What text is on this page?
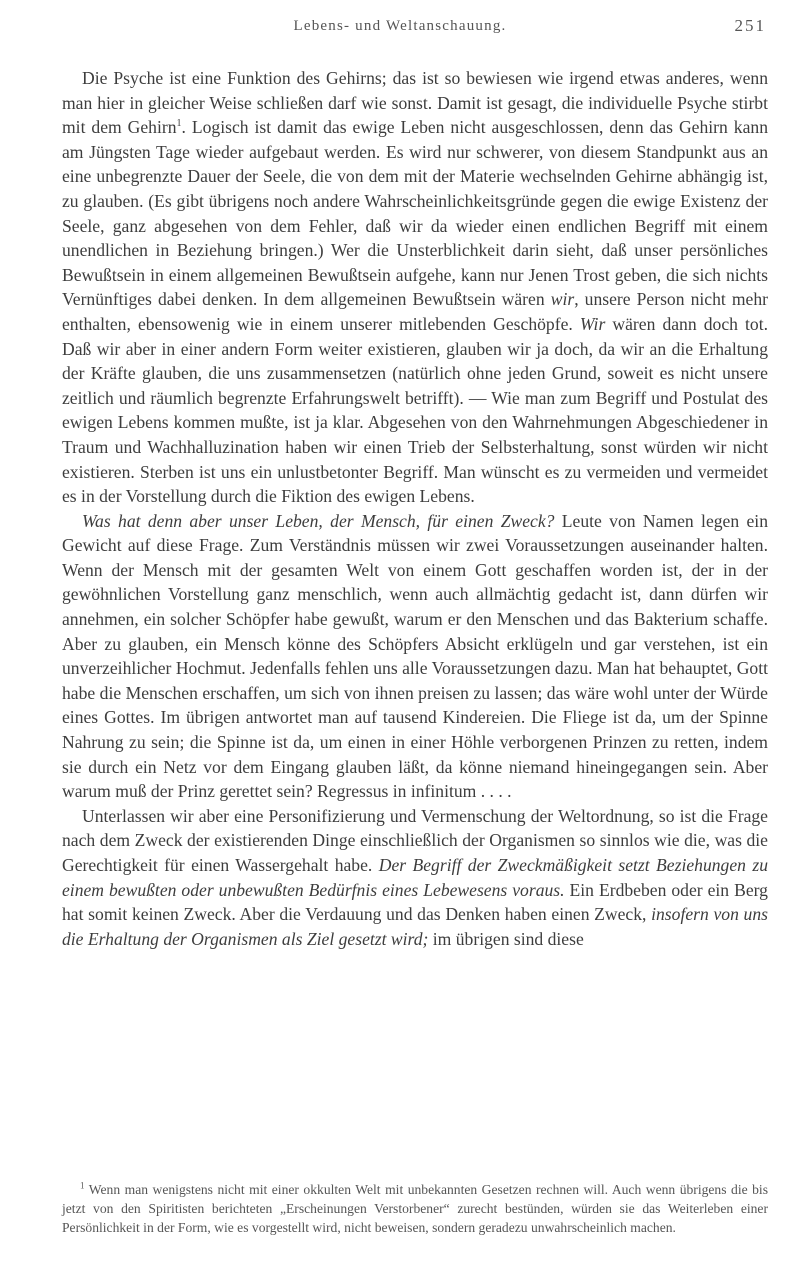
Lebens- und Weltanschauung.	251

Die Psyche ist eine Funktion des Gehirns; das ist so bewiesen wie irgend etwas anderes, wenn man hier in gleicher Weise schließen darf wie sonst. Damit ist gesagt, die individuelle Psyche stirbt mit dem Gehirn$^1$. Logisch ist damit das ewige Leben nicht ausgeschlossen, denn das Gehirn kann am Jüngsten Tage wieder aufgebaut werden. Es wird nur schwerer, von diesem Standpunkt aus an eine unbegrenzte Dauer der Seele, die von dem mit der Materie wechselnden Gehirne abhängig ist, zu glauben. (Es gibt übrigens noch andere Wahrscheinlichkeitsgründe gegen die ewige Existenz der Seele, ganz abgesehen von dem Fehler, daß wir da wieder einen endlichen Begriff mit einem unendlichen in Beziehung bringen.) Wer die Unsterblichkeit darin sieht, daß unser persönliches Bewußtsein in einem allgemeinen Bewußtsein aufgehe, kann nur Jenen Trost geben, die sich nichts Vernünftiges dabei denken. In dem allgemeinen Bewußtsein wären wir, unsere Person nicht mehr enthalten, ebensowenig wie in einem unserer mitlebenden Geschöpfe. Wir wären dann doch tot. Daß wir aber in einer andern Form weiter existieren, glauben wir ja doch, da wir an die Erhaltung der Kräfte glauben, die uns zusammensetzen (natürlich ohne jeden Grund, soweit es nicht unsere zeitlich und räumlich begrenzte Erfahrungswelt betrifft). — Wie man zum Begriff und Postulat des ewigen Lebens kommen mußte, ist ja klar. Abgesehen von den Wahrnehmungen Abgeschiedener in Traum und Wachhalluzination haben wir einen Trieb der Selbsterhaltung, sonst würden wir nicht existieren. Sterben ist uns ein unlustbetonter Begriff. Man wünscht es zu vermeiden und vermeidet es in der Vorstellung durch die Fiktion des ewigen Lebens.

Was hat denn aber unser Leben, der Mensch, für einen Zweck? Leute von Namen legen ein Gewicht auf diese Frage. Zum Verständnis müssen wir zwei Voraussetzungen auseinander halten. Wenn der Mensch mit der gesamten Welt von einem Gott geschaffen worden ist, der in der gewöhnlichen Vorstellung ganz menschlich, wenn auch allmächtig gedacht ist, dann dürfen wir annehmen, ein solcher Schöpfer habe gewußt, warum er den Menschen und das Bakterium schaffe. Aber zu glauben, ein Mensch könne des Schöpfers Absicht erklügeln und gar verstehen, ist ein unverzeihlicher Hochmut. Jedenfalls fehlen uns alle Voraussetzungen dazu. Man hat behauptet, Gott habe die Menschen erschaffen, um sich von ihnen preisen zu lassen; das wäre wohl unter der Würde eines Gottes. Im übrigen antwortet man auf tausend Kindereien. Die Fliege ist da, um der Spinne Nahrung zu sein; die Spinne ist da, um einen in einer Höhle verborgenen Prinzen zu retten, indem sie durch ein Netz vor dem Eingang glauben läßt, da könne niemand hineingegangen sein. Aber warum muß der Prinz gerettet sein? Regressus in infinitum . . . .

Unterlassen wir aber eine Personifizierung und Vermenschung der Weltordnung, so ist die Frage nach dem Zweck der existierenden Dinge einschließlich der Organismen so sinnlos wie die, was die Gerechtigkeit für einen Wassergehalt habe. Der Begriff der Zweckmäßigkeit setzt Beziehungen zu einem bewußten oder unbewußten Bedürfnis eines Lebewesens voraus. Ein Erdbeben oder ein Berg hat somit keinen Zweck. Aber die Verdauung und das Denken haben einen Zweck, insofern von uns die Erhaltung der Organismen als Ziel gesetzt wird; im übrigen sind diese

$^1$ Wenn man wenigstens nicht mit einer okkulten Welt mit unbekannten Gesetzen rechnen will. Auch wenn übrigens die bis jetzt von den Spiritisten berichteten „Erscheinungen Verstorbener“ zurecht bestünden, würden sie das Weiterleben einer Persönlichkeit in der Form, wie es vorgestellt wird, nicht beweisen, sondern geradezu unwahrscheinlich machen.
